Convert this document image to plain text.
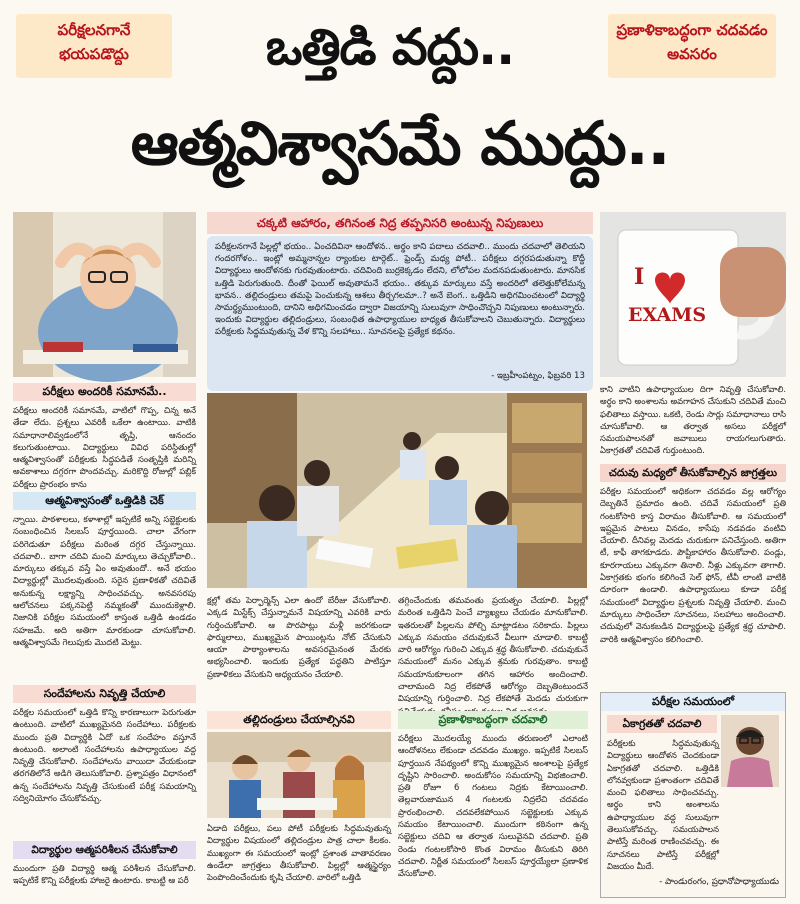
పరీక్షలనగానే భయపడొద్దు
ప్రణాళికాబద్ధంగా చదవడం అవసరం
ఒత్తిడి వద్దు..
ఆత్మవిశ్వాసమే ముద్దు..
I
EXAMS
చక్కటి ఆహారం, తగినంత నిద్ర తప్పనిసరి అంటున్న నిపుణులు
పరీక్షలనగానే పిల్లల్లో భయం.. ఏంచదివినా ఆందోళన.. అర్థం కాని పదాలు చదవాలి.. ముందు చదవాలో తెలియని గందరగోళం.. ఇంట్లో అమ్మనాన్నల ర్యాంకుల టార్గెట్.. ఫ్రెండ్స్ మధ్య పోటీ.. పరీక్షలు దగ్గరపడుతున్నా కొద్దీ విద్యార్థులు ఆందోళనకు గురవుతుంటారు. చదివింది బుర్రకెక్కడం లేదని, లోలోపల మదనపడుతుంటారు. మానసిక ఒత్తిడి పెరుగుతుంది. దీంతో ఫెయిల్ అవుతామనే భయం.. తక్కువ మార్కులు వస్తే అందరిలో తలెత్తుకోలేమన్న భావన.. తల్లిదండ్రులు తమపై పెంచుకున్న ఆశలు తీర్చగలమా..? అనే బెంగ.. ఒత్తిడిని అధిగమించటంలో విద్యార్థి సామర్థ్యముంటుంది, దానిని అధిగమించడం ద్వారా విజయాన్ని సులువుగా సాధించొచ్చని నిపుణులు అంటున్నారు. ఇందుకు విద్యార్థుల తల్లిదండ్రులు, సంబంధిత ఉపాధ్యాయుల బాధ్యత తీసుకోవాలని చెబుతున్నారు. విద్యార్థులు పరీక్షలకు సిద్ధమవుతున్న వేళ కొన్ని సలహాలు.. సూచనలపై ప్రత్యేక కథనం.
- ఇబ్రహీంపట్నం, ఫిబ్రవరి 13
పరీక్షలు అందరికీ సమానమే..
పరీక్షలు అందరికీ సమానమే, వాటిలో గొప్ప, చిన్న అనే తేడా లేదు. ప్రశ్నలు ఎవరికీ ఒకేలా ఉంటాయి. వాటికి సమాధానాలివ్వడంలోనే తృప్తి, ఆనందం కలుగుతుంటాయి. విద్యార్థులు వివిధ పరిస్థితుల్లో ఆత్మవిశ్వాసంతో పరీక్షలకు సిద్ధపడితే సంతృప్తికి మరిన్ని అవకాశాలు దగ్గరగా పొందవచ్చు. మరికొద్ది రోజుల్లో పబ్లిక్ పరీక్షలు ప్రారంభం కాను
ఆత్మవిశ్వాసంతో ఒత్తిడికి చెక్
న్నాయి. పాఠశాలలు, కళాశాల్లో ఇప్పటికే అన్ని సబ్జెక్టులకు సంబంధించిన సిలబస్ పూర్తయింది. చాలా వేగంగా పరిగెడుతూ పరీక్షలు మరింత దగ్గర చేస్తున్నాయి. చదవాలి.. బాగా చదివి మంచి మార్కులు తెచ్చుకోవాలి.. మార్కులు తక్కువ వస్తే ఏం అవుతుందో.. అనే భయం విద్యార్థుల్లో మొదలవుతుంది. సరైన ప్రణాళికతో చదివితే అనుకున్న లక్ష్యాన్ని సాధించవచ్చు. అనవసరపు ఆలోచనలు పక్కనపెట్టి నమ్మకంతో ముందుకెళ్లాలి. నిజానికి పరీక్షల సమయంలో కాస్తంత ఒత్తిడి ఉండడం సహజమే. అది అతిగా మారకుండా చూసుకోవాలి. ఆత్మవిశ్వాసమే గెలుపుకు మొదటి మెట్టు.
సందేహాలను నివృత్తి చేయాలి
పరీక్షల సమయంలో ఒత్తిడి కొన్ని కారణాలుగా పెరుగుతూ ఉంటుంది. వాటిలో ముఖ్యమైనది సందేహాలు. పరీక్షలకు ముందు ప్రతి విద్యార్థికి ఏదో ఒక సందేహం వస్తూనే ఉంటుంది. అలాంటి సందేహాలను ఉపాధ్యాయుల వద్ద నివృత్తి చేసుకోవాలి. సందేహాలను వాయిదా వేయకుండా తరగతిలోనే అడిగి తెలుసుకోవాలి. ప్రశ్నాపత్రం విధానంలో ఉన్న సందేహాలను నివృత్తి చేసుకుంటే పరీక్ష సమయాన్ని సద్వినియోగం చేసుకోవచ్చు.
విద్యార్థుల ఆత్మపరిశీలన చేసుకోవాలి
ముందుగా ప్రతి విద్యార్థి ఆత్మ పరిశీలన చేసుకోవాలి. ఇప్పటికే కొన్ని పరీక్షలకు హాజరై ఉంటారు. కాబట్టి ఆ పరీ
క్షల్లో తమ పెర్ఫార్మెన్స్ ఎలా ఉందో బేరీజు వేసుకోవాలి. ఎక్కడ మిస్టేక్స్ చేస్తున్నామనే విషయాన్ని ఎవరికి వారు గుర్తించుకోవాలి. ఆ పొరపాట్లు మళ్లీ జరగకుండా ఫార్ములాలు, ముఖ్యమైన పాయింట్లను నోట్ చేసుకుని ఆయా పాఠ్యాంశాలను అవసరమైనంత మేరకు అభ్యసించాలి. ఇందుకు ప్రత్యేక పద్ధతిని పాటిస్తూ ప్రణాళికలు వేసుకుని అధ్యయనం చేయాలి.
తల్లిదండ్రులు చేయాల్సినవి
ఏడాది పరీక్షలు, పలు పోటీ పరీక్షలకు సిద్ధమవుతున్న విద్యార్థుల విషయంలో తల్లిదండ్రుల పాత్ర చాలా కీలకం. ముఖ్యంగా ఈ సమయంలో ఇంట్లో ప్రశాంత వాతావరణం ఉండేలా జాగ్రత్తలు తీసుకోవాలి. పిల్లల్లో ఆత్మస్థైర్యం పెంపొందించేందుకు కృషి చేయాలి. వారిలో ఒత్తిడి
తగ్గించేందుకు తమవంతు ప్రయత్నం చేయాలి. పిల్లల్లో మరింత ఒత్తిడిని పెంచే వ్యాఖ్యలు చేయడం మానుకోవాలి. ఇతరులతో పిల్లలను పోల్చి మాట్లాడటం సరికాదు. పిల్లలు ఎక్కువ సమయం చదువుకునే వీలుగా చూడాలి. కాబట్టి వారి ఆరోగ్యం గురించి ఎక్కువ శ్రద్ధ తీసుకోవాలి. చదువుకునే సమయంలో మనం ఎక్కువ శ్రమకు గురవుతాం. కాబట్టి సమయానుకూలంగా తగిన ఆహారం అందించాలి. చాలామంది నిద్ర లేకపోతే ఆరోగ్యం దెబ్బతింటుందనే విషయాన్ని గుర్తించాలి. నిద్ర లేకపోతే మెదడు చురుకుగా
ప్రణాళికాబద్ధంగా చదవాలి
పరీక్షలు మొదలయ్యే ముందు తరుణంలో ఎలాంటి ఆందోళనలు లేకుండా చదవడం ముఖ్యం. ఇప్పటికే సిలబస్ పూర్తయిన నేపథ్యంలో కొన్ని ముఖ్యమైన అంశాలపై ప్రత్యేక దృష్టిని సారించాలి. అందుకోసం సమయాన్ని విభజించాలి. ప్రతి రోజూ 6 గంటలు నిద్రకు కేటాయించాలి. తెల్లవారుజామున 4 గంటలకు నిద్రలేచి చదవడం ప్రారంభించాలి. చదవలేకపోయిన సబ్జెక్టులకు ఎక్కువ సమయం కేటాయించాలి. ముందుగా కఠినంగా ఉన్న సబ్జెక్టులు చదివి ఆ తర్వాత సులువైనవి చదవాలి. ప్రతి రెండు గంటలకోసారి కొంత విరామం తీసుకుని తిరిగి చదవాలి. నిర్ణీత సమయంలో సిలబస్ పూర్తయ్యేలా ప్రణాళిక వేసుకోవాలి.
కాని వాటిని ఉపాధ్యాయుల దిగా నివృత్తి చేసుకోవాలి. అర్థం కాని అంశాలను అవగాహన చేసుకుని చదివితే మంచి ఫలితాలు వస్తాయి. ఒకటి, రెండు సార్లు సమాధానాలు రాసి చూసుకోవాలి. ఆ తర్వాత అసలు పరీక్షలో సమయపాలనతో జవాబులు రాయగలుగుతారు. ఏకాగ్రతతో చదివితే గుర్తుంటుంది.
చదువు మధ్యలో తీసుకోవాల్సిన జాగ్రత్తలు
పరీక్షల సమయంలో అధికంగా చదవడం వల్ల ఆరోగ్యం దెబ్బతినే ప్రమాదం ఉంది. చదివే సమయంలో ప్రతి గంటకోసారి కాస్త విరామం తీసుకోవాలి. ఆ సమయంలో ఇష్టమైన పాటలు వినడం, కాసేపు నడవడం వంటివి చేయాలి. దీనివల్ల మెదడు చురుకుగా పనిచేస్తుంది. అతిగా టీ, కాఫీ తాగకూడదు. పౌష్టికాహారం తీసుకోవాలి. పండ్లు, కూరగాయలు ఎక్కువగా తినాలి. నీళ్లు ఎక్కువగా తాగాలి. ఏకాగ్రతకు భంగం కలిగించే సెల్ ఫోన్, టీవీ లాంటి వాటికి దూరంగా ఉండాలి. ఉపాధ్యాయులు కూడా పరీక్ష సమయంలో విద్యార్థుల ప్రశ్నలకు నివృత్తి చేయాలి. మంచి మార్కులు సాధించేలా సూచనలు, సలహాలు అందించాలి. చదువులో వెనుకబడిన విద్యార్థులపై ప్రత్యేక శ్రద్ధ చూపాలి. వారికి ఆత్మవిశ్వాసం కలిగించాలి.
పరీక్షల సమయంలో
ఏకాగ్రతతో చదవాలి
పరీక్షలకు సిద్ధమవుతున్న విద్యార్థులు ఆందోళన చెందకుండా ఏకాగ్రతతో చదవాలి. ఒత్తిడికి లోనవ్వకుండా ప్రశాంతంగా చదివితే మంచి ఫలితాలు సాధించవచ్చు. అర్థం కాని అంశాలను ఉపాధ్యాయుల వద్ద సులువుగా తెలుసుకోవచ్చు. సమయపాలన పాటిస్తే మరింత రాణించవచ్చు. ఈ సూచనలు పాటిస్తే పరీక్షల్లో విజయం మీదే.
- పాండురంగం, ప్రధానోపాధ్యాయుడు
